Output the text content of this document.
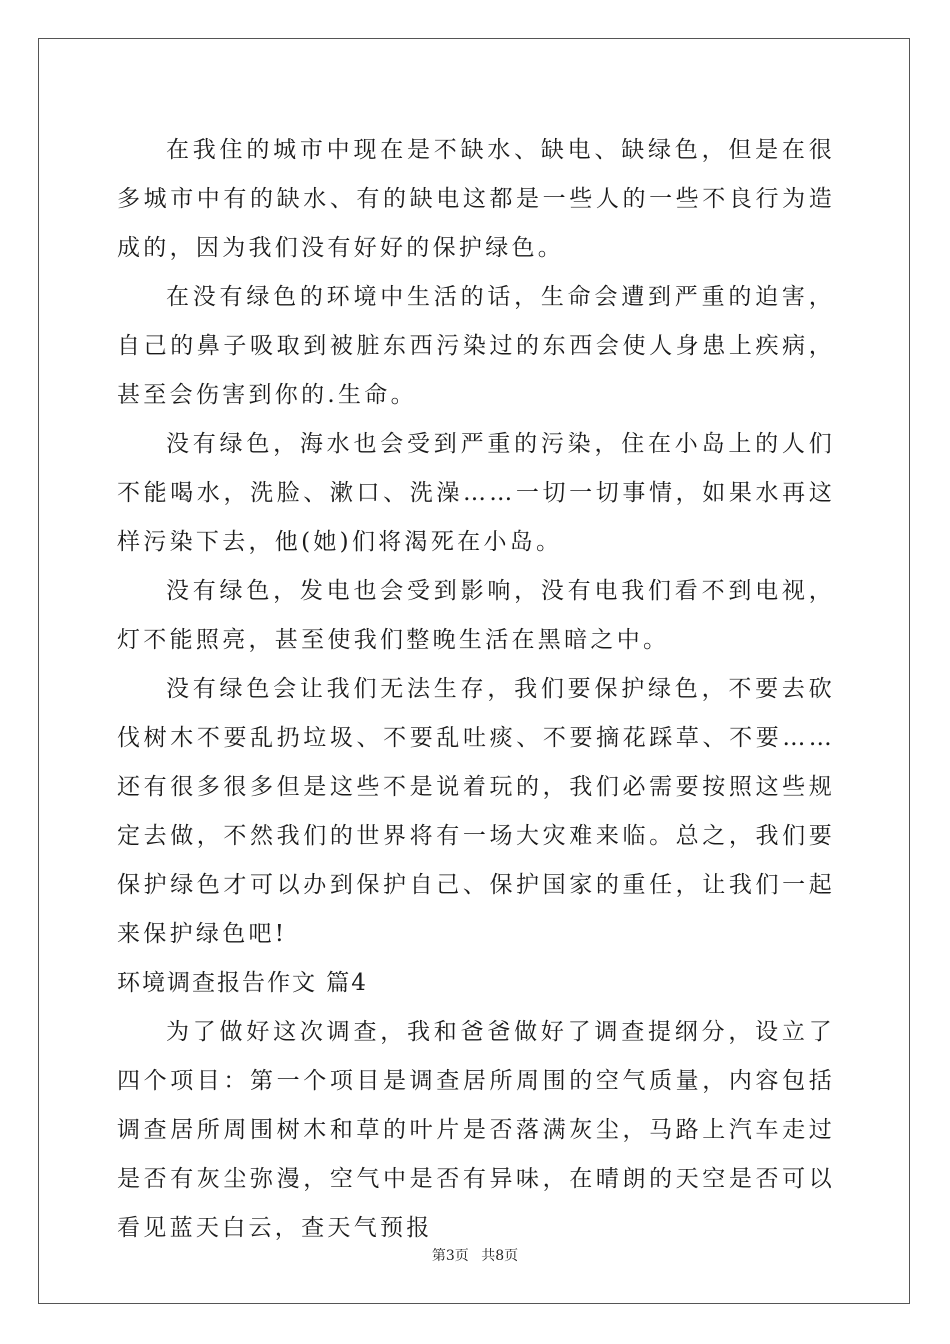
在我住的城市中现在是不缺水、缺电、缺绿色，但是在很多城市中有的缺水、有的缺电这都是一些人的一些不良行为造成的，因为我们没有好好的保护绿色。

在没有绿色的环境中生活的话，生命会遭到严重的迫害，自己的鼻子吸取到被脏东西污染过的东西会使人身患上疾病，甚至会伤害到你的.生命。

没有绿色，海水也会受到严重的污染，住在小岛上的人们不能喝水，洗脸、漱口、洗澡……一切一切事情，如果水再这样污染下去，他(她)们将渴死在小岛。

没有绿色，发电也会受到影响，没有电我们看不到电视，灯不能照亮，甚至使我们整晚生活在黑暗之中。

没有绿色会让我们无法生存，我们要保护绿色，不要去砍伐树木不要乱扔垃圾、不要乱吐痰、不要摘花踩草、不要……还有很多很多但是这些不是说着玩的，我们必需要按照这些规定去做，不然我们的世界将有一场大灾难来临。总之，我们要保护绿色才可以办到保护自己、保护国家的重任，让我们一起来保护绿色吧!

环境调查报告作文 篇4

为了做好这次调查，我和爸爸做好了调查提纲分，设立了四个项目：第一个项目是调查居所周围的空气质量，内容包括调查居所周围树木和草的叶片是否落满灰尘，马路上汽车走过是否有灰尘弥漫，空气中是否有异味，在晴朗的天空是否可以看见蓝天白云，查天气预报

第3页 共8页
